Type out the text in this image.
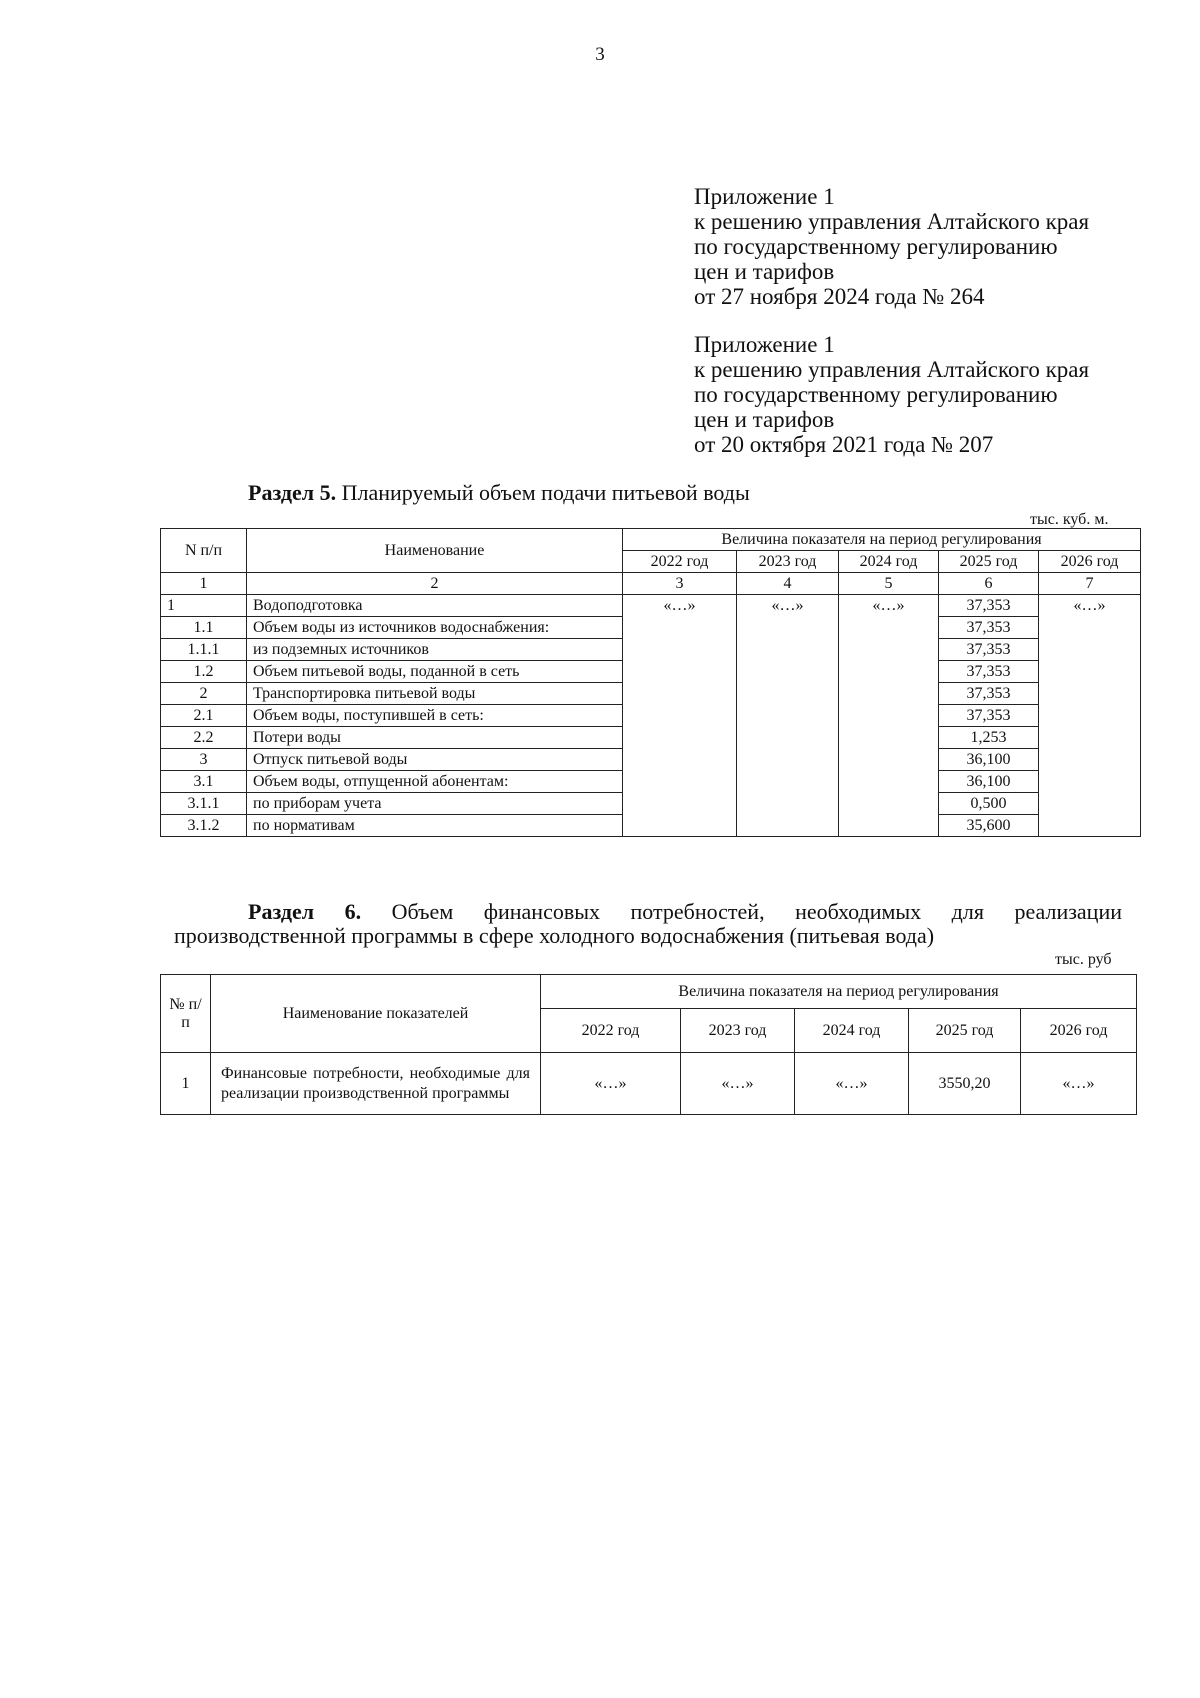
3
Приложение 1
к решению управления Алтайского края
по государственному регулированию
цен и тарифов
от 27 ноября 2024 года № 264
Приложение 1
к решению управления Алтайского края
по государственному регулированию
цен и тарифов
от 20 октября 2021 года № 207
Раздел 5. Планируемый объем подачи питьевой воды
тыс. куб. м.
N п/п	Наименование	Величина показателя на период регулирования				
		2022 год	2023 год	2024 год	2025 год	2026 год
1	2	3	4	5	6	7
1	Водоподготовка	«…»	«…»	«…»	37,353	«…»
1.1	Объем воды из источников водоснабжения:				37,353	
1.1.1	из подземных источников				37,353	
1.2	Объем питьевой воды, поданной в сеть				37,353	
2	Транспортировка питьевой воды				37,353	
2.1	Объем воды, поступившей в сеть:				37,353	
2.2	Потери воды				1,253	
3	Отпуск питьевой воды				36,100	
3.1	Объем воды, отпущенной абонентам:				36,100	
3.1.1	по приборам учета				0,500	
3.1.2	по нормативам				35,600	
Раздел 6. Объем финансовых потребностей, необходимых для реализации
производственной программы в сфере холодного водоснабжения (питьевая вода)
тыс. руб
№ п/п	Наименование показателей	Величина показателя на период регулирования				
		2022 год	2023 год	2024 год	2025 год	2026 год
1	Финансовые потребности, необходимые для реализации производственной программы	«…»	«…»	«…»	3550,20	«…»
